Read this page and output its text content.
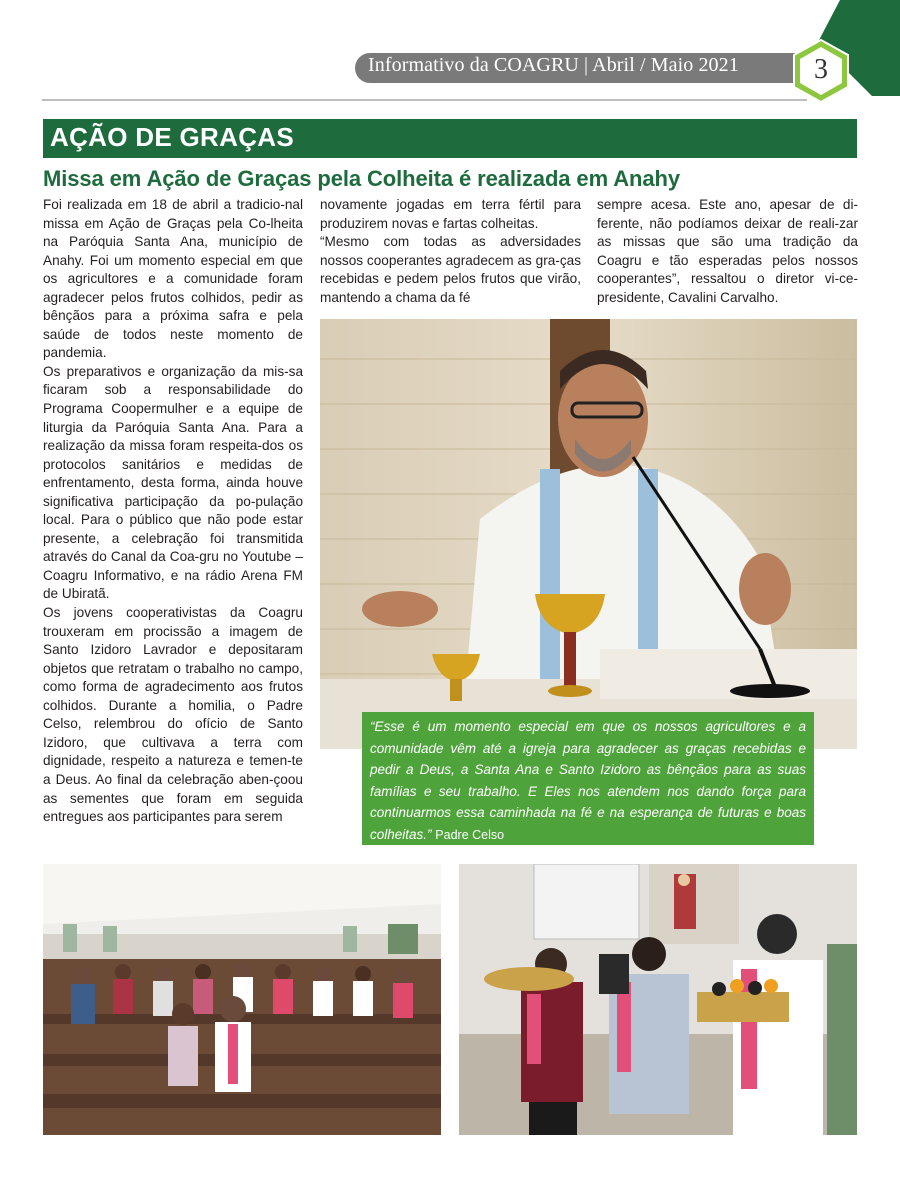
Informativo da COAGRU | Abril / Maio 2021	3
AÇÃO DE GRAÇAS
Missa em Ação de Graças pela Colheita é realizada em Anahy

Foi realizada em 18 de abril a tradicio-nal missa em Ação de Graças pela Co-lheita na Paróquia Santa Ana, município de Anahy. Foi um momento especial em que os agricultores e a comunidade foram agradecer pelos frutos colhidos, pedir as bênçãos para a próxima safra e pela saúde de todos neste momento de pandemia.

Os preparativos e organização da mis-sa ficaram sob a responsabilidade do Programa Coopermulher e a equipe de liturgia da Paróquia Santa Ana. Para a realização da missa foram respeita-dos os protocolos sanitários e medidas de enfrentamento, desta forma, ainda houve significativa participação da po-pulação local. Para o público que não pode estar presente, a celebração foi transmitida através do Canal da Coa-gru no Youtube – Coagru Informativo, e na rádio Arena FM de Ubiratã.

Os jovens cooperativistas da Coagru trouxeram em procissão a imagem de Santo Izidoro Lavrador e depositaram objetos que retratam o trabalho no campo, como forma de agradecimento aos frutos colhidos. Durante a homilia, o Padre Celso, relembrou do ofício de Santo Izidoro, que cultivava a terra com dignidade, respeito a natureza e temen-te a Deus. Ao final da celebração aben-çoou as sementes que foram em seguida entregues aos participantes para serem

novamente jogadas em terra fértil para produzirem novas e fartas colheitas.

“Mesmo com todas as adversidades nossos cooperantes agradecem as gra-ças recebidas e pedem pelos frutos que virão, mantendo a chama da fé

sempre acesa. Este ano, apesar de di-ferente, não podíamos deixar de reali-zar as missas que são uma tradição da Coagru e tão esperadas pelos nossos cooperantes”, ressaltou o diretor vi-ce-presidente, Cavalini Carvalho.

“Esse é um momento especial em que os nossos agricultores e a comunidade vêm até a igreja para agradecer as graças recebidas e pedir a Deus, a Santa Ana e Santo Izidoro as bênçãos para as suas famílias e seu trabalho. E Eles nos atendem nos dando força para continuarmos essa caminhada na fé e na esperança de futuras e boas colheitas.” Padre Celso
